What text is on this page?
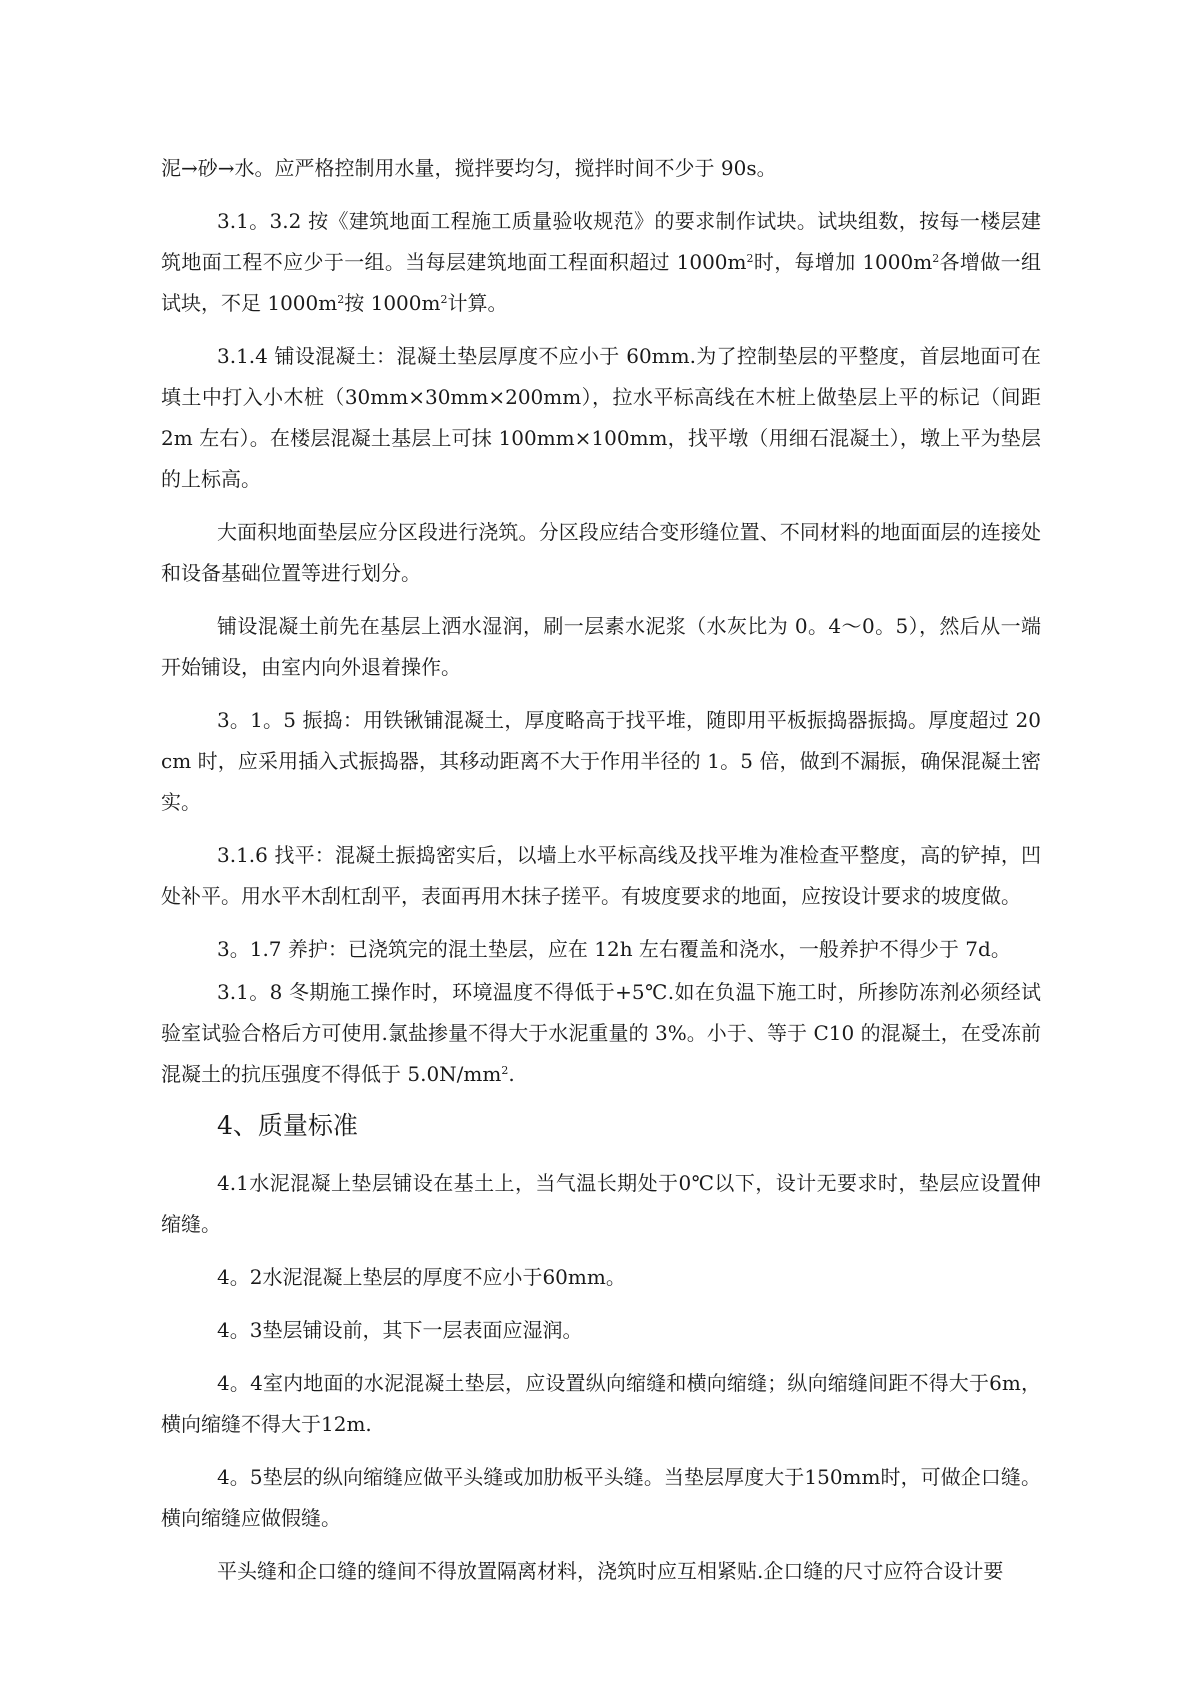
泥→砂→水。应严格控制用水量，搅拌要均匀，搅拌时间不少于 90s。

3.1。3.2 按《建筑地面工程施工质量验收规范》的要求制作试块。试块组数，按每一楼层建筑地面工程不应少于一组。当每层建筑地面工程面积超过 $1000m^2$时，每增加 $1000m^2$各增做一组试块，不足 $1000m^2$按 $1000m^2$计算。

3.1.4 铺设混凝土：混凝土垫层厚度不应小于 60mm.为了控制垫层的平整度，首层地面可在填土中打入小木桩（30mm×30mm×200mm），拉水平标高线在木桩上做垫层上平的标记（间距 2m 左右）。在楼层混凝土基层上可抹 100mm×100mm，找平墩（用细石混凝土），墩上平为垫层的上标高。

大面积地面垫层应分区段进行浇筑。分区段应结合变形缝位置、不同材料的地面面层的连接处和设备基础位置等进行划分。

铺设混凝土前先在基层上洒水湿润，刷一层素水泥浆（水灰比为 0。4～0。5），然后从一端开始铺设，由室内向外退着操作。

3。1。5 振捣：用铁锹铺混凝土，厚度略高于找平堆，随即用平板振捣器振捣。厚度超过 20cm 时，应采用插入式振捣器，其移动距离不大于作用半径的 1。5 倍，做到不漏振，确保混凝土密实。

3.1.6 找平：混凝土振捣密实后，以墙上水平标高线及找平堆为准检查平整度，高的铲掉，凹处补平。用水平木刮杠刮平，表面再用木抹子搓平。有坡度要求的地面，应按设计要求的坡度做。

3。1.7 养护：已浇筑完的混土垫层，应在 12h 左右覆盖和浇水，一般养护不得少于 7d。

3.1。8 冬期施工操作时，环境温度不得低于+5℃.如在负温下施工时，所掺防冻剂必须经试验室试验合格后方可使用.氯盐掺量不得大于水泥重量的 3%。小于、等于 C10 的混凝土，在受冻前混凝土的抗压强度不得低于 $5.0N/mm^2$.

4、质量标准

4.1水泥混凝上垫层铺设在基土上，当气温长期处于0℃以下，设计无要求时，垫层应设置伸缩缝。

4。2水泥混凝上垫层的厚度不应小于60mm。

4。3垫层铺设前，其下一层表面应湿润。

4。4室内地面的水泥混凝土垫层，应设置纵向缩缝和横向缩缝；纵向缩缝间距不得大于6m，横向缩缝不得大于12m.

4。5垫层的纵向缩缝应做平头缝或加肋板平头缝。当垫层厚度大于150mm时，可做企口缝。横向缩缝应做假缝。

平头缝和企口缝的缝间不得放置隔离材料，浇筑时应互相紧贴.企口缝的尺寸应符合设计要
